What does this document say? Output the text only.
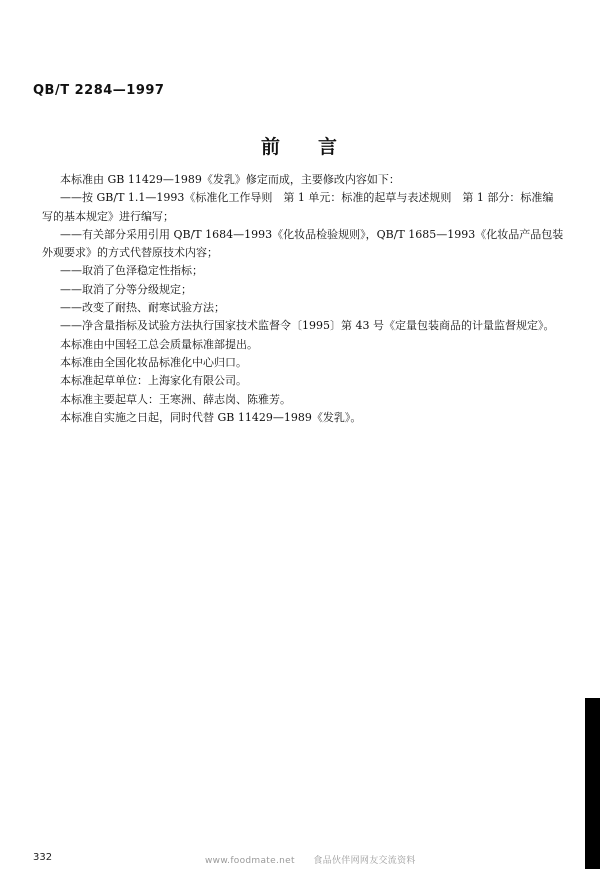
QB/T 2284—1997
前 言

本标准由 GB 11429—1989《发乳》修定而成，主要修改内容如下：

——按 GB/T 1.1—1993《标准化工作导则　第 1 单元：标准的起草与表述规则　第 1 部分：标准编

写的基本规定》进行编写；

——有关部分采用引用 QB/T 1684—1993《化妆品检验规则》，QB/T 1685—1993《化妆品产品包装

外观要求》的方式代替原技术内容；

——取消了色泽稳定性指标；

——取消了分等分级规定；

——改变了耐热、耐寒试验方法；

——净含量指标及试验方法执行国家技术监督令〔1995〕第 43 号《定量包装商品的计量监督规定》。

本标准由中国轻工总会质量标准部提出。

本标准由全国化妆品标准化中心归口。

本标准起草单位：上海家化有限公司。

本标准主要起草人：王寒洲、薛志岗、陈雅芳。

本标准自实施之日起，同时代替 GB 11429—1989《发乳》。

332	www.foodmate.net　　食品伙伴网网友交流资料
